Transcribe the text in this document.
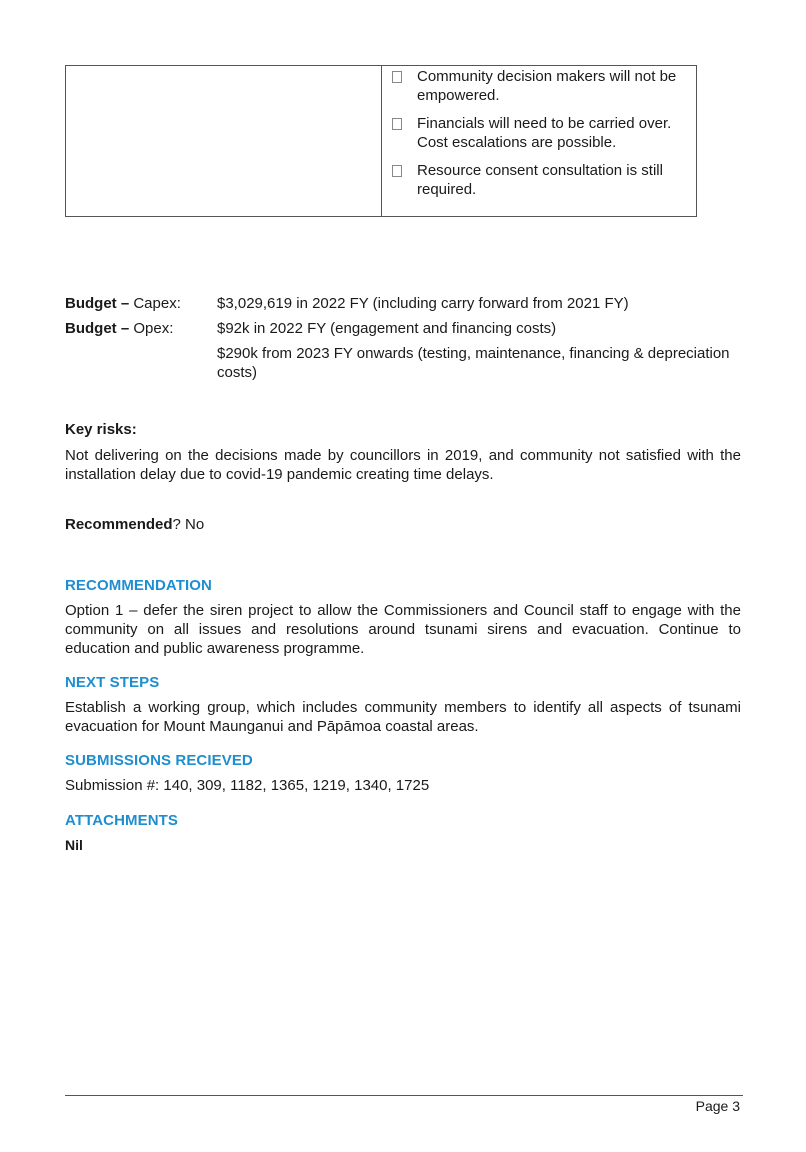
Community decision makers will not be empowered.
Financials will need to be carried over. Cost escalations are possible.
Resource consent consultation is still required.
Budget – Capex:	$3,029,619 in 2022 FY (including carry forward from 2021 FY)
Budget – Opex:	$92k in 2022 FY (engagement and financing costs)
$290k from 2023 FY onwards (testing, maintenance, financing & depreciation costs)

Key risks:

Not delivering on the decisions made by councillors in 2019, and community not satisfied with the installation delay due to covid-19 pandemic creating time delays.

Recommended? No

RECOMMENDATION

Option 1 – defer the siren project to allow the Commissioners and Council staff to engage with the community on all issues and resolutions around tsunami sirens and evacuation. Continue to education and public awareness programme.

NEXT STEPS

Establish a working group, which includes community members to identify all aspects of tsunami evacuation for Mount Maunganui and Pāpāmoa coastal areas.

SUBMISSIONS RECIEVED

Submission #: 140, 309, 1182, 1365, 1219, 1340, 1725

ATTACHMENTS

Nil

Page 3
